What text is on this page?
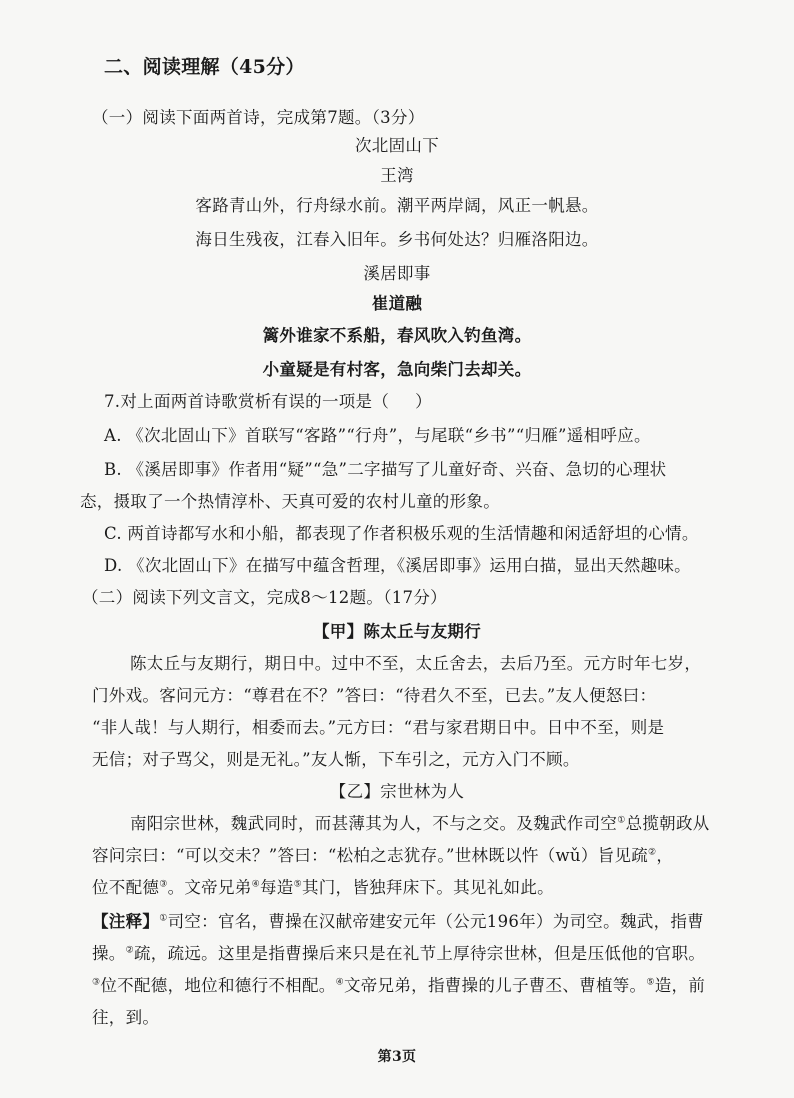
二、阅读理解（45分）
（一）阅读下面两首诗，完成第7题。（3分）
次北固山下
王湾
客路青山外，行舟绿水前。潮平两岸阔，风正一帆悬。
海日生残夜，江春入旧年。乡书何处达？归雁洛阳边。
溪居即事
崔道融
篱外谁家不系船，春风吹入钓鱼湾。
小童疑是有村客，急向柴门去却关。
7.对上面两首诗歌赏析有误的一项是（ ）
A. 《次北固山下》首联写“客路”“行舟”，与尾联“乡书”“归雁”遥相呼应。
B. 《溪居即事》作者用“疑”“急”二字描写了儿童好奇、兴奋、急切的心理状
态，摄取了一个热情淳朴、天真可爱的农村儿童的形象。
C. 两首诗都写水和小船，都表现了作者积极乐观的生活情趣和闲适舒坦的心情。
D. 《次北固山下》在描写中蕴含哲理，《溪居即事》运用白描，显出天然趣味。
（二）阅读下列文言文，完成8～12题。（17分）
【甲】陈太丘与友期行
陈太丘与友期行，期日中。过中不至，太丘舍去，去后乃至。元方时年七岁，
门外戏。客问元方：“尊君在不？”答曰：“待君久不至，已去。”友人便怒曰：
“非人哉！与人期行，相委而去。”元方曰：“君与家君期日中。日中不至，则是
无信；对子骂父，则是无礼。”友人惭，下车引之，元方入门不顾。
【乙】宗世林为人
南阳宗世林，魏武同时，而甚薄其为人，不与之交。及魏武作司空①总揽朝政从
容问宗曰：“可以交未？”答曰：“松柏之志犹存。”世林既以忤（wǔ）旨见疏②，
位不配德③。文帝兄弟④每造⑤其门，皆独拜床下。其见礼如此。
【注释】①司空：官名，曹操在汉献帝建安元年（公元196年）为司空。魏武，指曹
操。②疏，疏远。这里是指曹操后来只是在礼节上厚待宗世林，但是压低他的官职。
③位不配德，地位和德行不相配。④文帝兄弟，指曹操的儿子曹丕、曹植等。⑤造，前
往，到。
第3页
